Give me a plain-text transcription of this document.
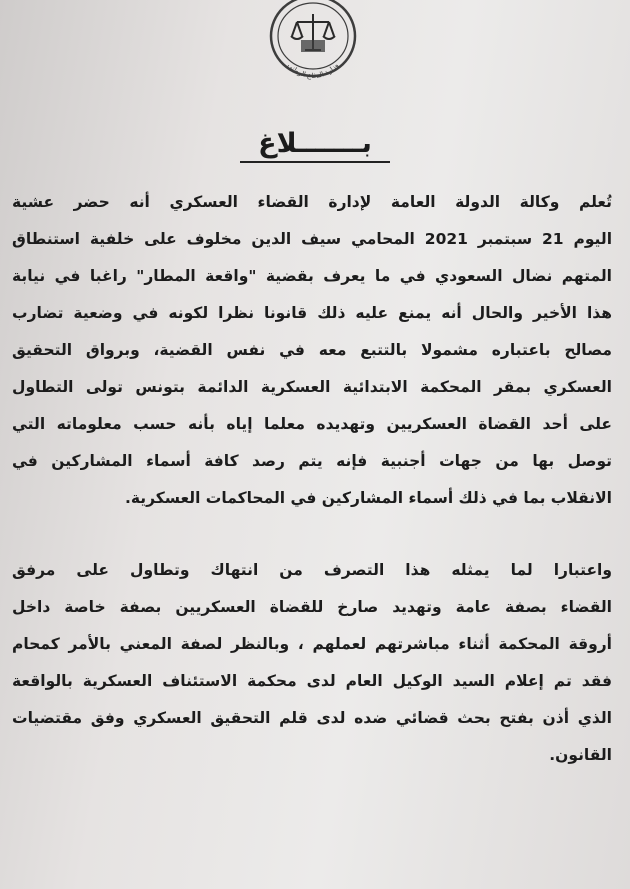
وزارة الدفاع الوطني
بـــــــلاغ
تُعلم وكالة الدولة العامة لإدارة القضاء العسكري أنه حضر عشية
اليوم 21 سبتمبر 2021 المحامي سيف الدين مخلوف على خلفية استنطاق
المتهم نضال السعودي في ما يعرف بقضية "واقعة المطار" راغبا في نيابة
هذا الأخير والحال أنه يمنع عليه ذلك قانونا نظرا لكونه في وضعية تضارب
مصالح باعتباره مشمولا بالتتبع معه في نفس القضية، وبرواق التحقيق
العسكري بمقر المحكمة الابتدائية العسكرية الدائمة بتونس تولى التطاول
على أحد القضاة العسكريين وتهديده معلما إياه بأنه حسب معلوماته التي
توصل بها من جهات أجنبية فإنه يتم رصد كافة أسماء المشاركين في
الانقلاب بما في ذلك أسماء المشاركين في المحاكمات العسكرية.
واعتبارا لما يمثله هذا التصرف من انتهاك وتطاول على مرفق
القضاء بصفة عامة وتهديد صارخ للقضاة العسكريين بصفة خاصة داخل
أروقة المحكمة أثناء مباشرتهم لعملهم ، وبالنظر لصفة المعني بالأمر كمحام
فقد تم إعلام السيد الوكيل العام لدى محكمة الاستئناف العسكرية بالواقعة
الذي أذن بفتح بحث قضائي ضده لدى قلم التحقيق العسكري وفق مقتضيات
القانون.
